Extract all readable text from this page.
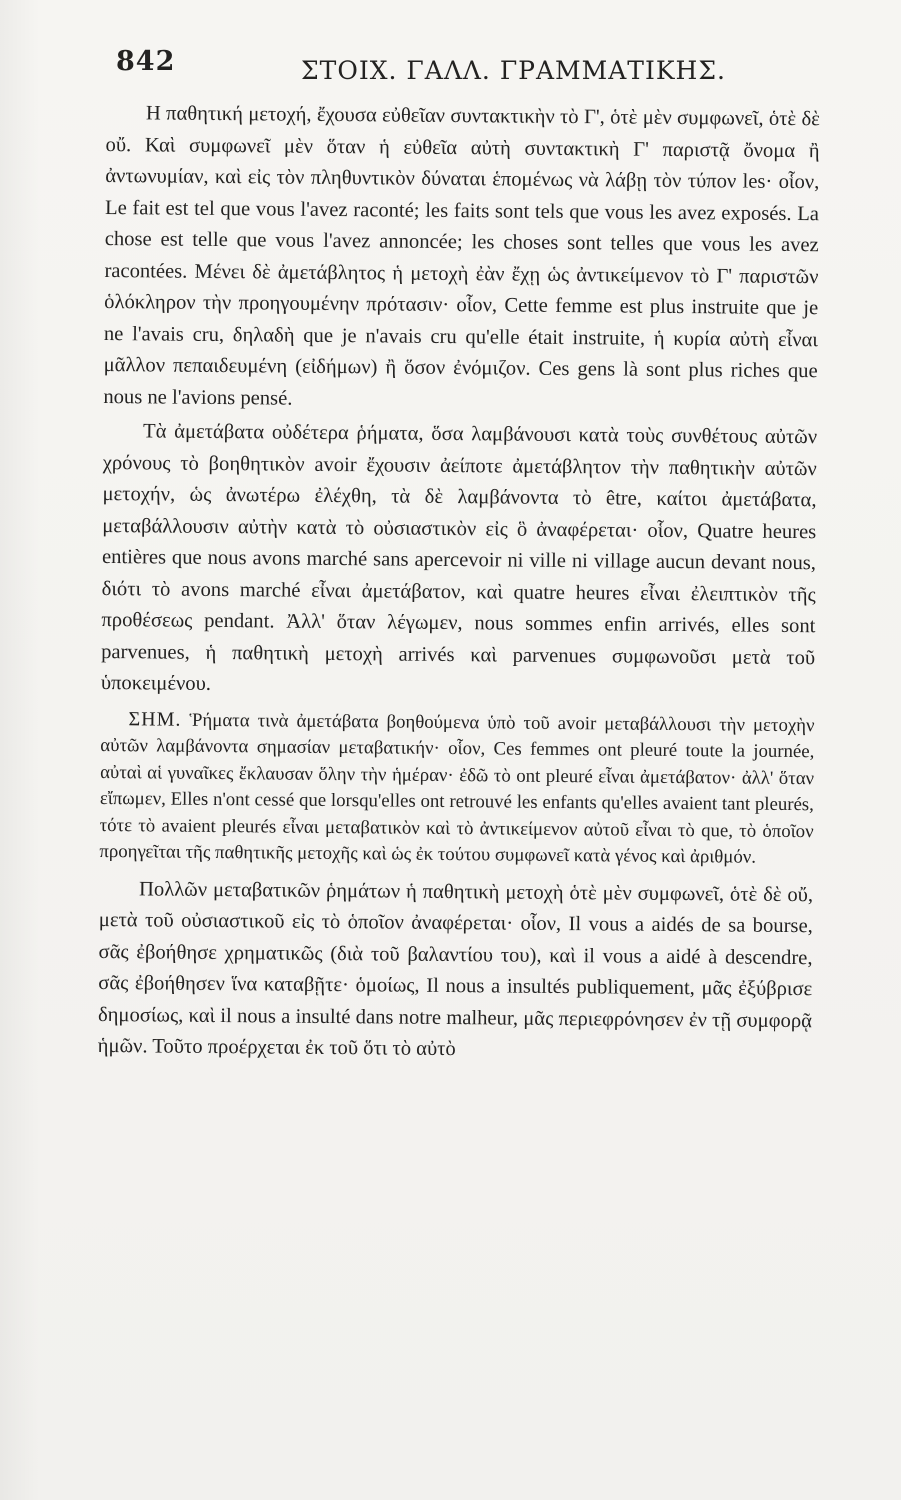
842	ΣΤΟΙΧ. ΓΑΛΛ. ΓΡΑΜΜΑΤΙΚΗΣ.

Η παθητική μετοχή, ἔχουσα εὐθεῖαν συντακτικὴν τὸ Γ', ὁτὲ μὲν συμφωνεῖ, ὁτὲ δὲ οὔ. Καὶ συμφωνεῖ μὲν ὅταν ἡ εὐθεῖα αὐτὴ συντακτικὴ Γ' παριστᾷ ὄνομα ἢ ἀντωνυμίαν, καὶ εἰς τὸν πληθυντικὸν δύναται ἑπομένως νὰ λάβῃ τὸν τύπον les· οἷον, Le fait est tel que vous l'avez raconté; les faits sont tels que vous les avez exposés. La chose est telle que vous l'avez annoncée; les choses sont telles que vous les avez racontées. Μένει δὲ ἀμετάβλητος ἡ μετοχὴ ἐὰν ἔχῃ ὡς ἀντικείμενον τὸ Γ' παριστῶν ὁλόκληρον τὴν προηγουμένην πρότασιν· οἷον, Cette femme est plus instruite que je ne l'avais cru, δηλαδὴ que je n'avais cru qu'elle était instruite, ἡ κυρία αὐτὴ εἶναι μᾶλλον πεπαιδευμένη (εἰδήμων) ἢ ὅσον ἐνόμιζον. Ces gens là sont plus riches que nous ne l'avions pensé.

Τὰ ἀμετάβατα οὐδέτερα ῥήματα, ὅσα λαμβάνουσι κατὰ τοὺς συνθέτους αὐτῶν χρόνους τὸ βοηθητικὸν avoir ἔχουσιν ἀείποτε ἀμετάβλητον τὴν παθητικὴν αὐτῶν μετοχήν, ὡς ἀνωτέρω ἐλέχθη, τὰ δὲ λαμβάνοντα τὸ être, καίτοι ἀμετάβατα, μεταβάλλουσιν αὐτὴν κατὰ τὸ οὐσιαστικὸν εἰς ὃ ἀναφέρεται· οἷον, Quatre heures entières que nous avons marché sans apercevoir ni ville ni village aucun devant nous, διότι τὸ avons marché εἶναι ἀμετάβατον, καὶ quatre heures εἶναι ἐλειπτικὸν τῆς προθέσεως pendant. Ἀλλ' ὅταν λέγωμεν, nous sommes enfin arrivés, elles sont parvenues, ἡ παθητικὴ μετοχὴ arrivés καὶ parvenues συμφωνοῦσι μετὰ τοῦ ὑποκειμένου.

ΣΗΜ. Ῥήματα τινὰ ἀμετάβατα βοηθούμενα ὑπὸ τοῦ avoir μεταβάλλουσι τὴν μετοχὴν αὐτῶν λαμβάνοντα σημασίαν μεταβατικήν· οἷον, Ces femmes ont pleuré toute la journée, αὐταὶ αἱ γυναῖκες ἔκλαυσαν ὅλην τὴν ἡμέραν· ἐδῶ τὸ ont pleuré εἶναι ἀμετάβατον· ἀλλ' ὅταν εἴπωμεν, Elles n'ont cessé que lorsqu'elles ont retrouvé les enfants qu'elles avaient tant pleurés, τότε τὸ avaient pleurés εἶναι μεταβατικὸν καὶ τὸ ἀντικείμενον αὐτοῦ εἶναι τὸ que, τὸ ὁποῖον προηγεῖται τῆς παθητικῆς μετοχῆς καὶ ὡς ἐκ τούτου συμφωνεῖ κατὰ γένος καὶ ἀριθμόν.

Πολλῶν μεταβατικῶν ῥημάτων ἡ παθητικὴ μετοχὴ ὁτὲ μὲν συμφωνεῖ, ὁτὲ δὲ οὔ, μετὰ τοῦ οὐσιαστικοῦ εἰς τὸ ὁποῖον ἀναφέρεται· οἷον, Il vous a aidés de sa bourse, σᾶς ἐβοήθησε χρηματικῶς (διὰ τοῦ βαλαντίου του), καὶ il vous a aidé à descendre, σᾶς ἐβοήθησεν ἵνα καταβῇτε· ὁμοίως, Il nous a insultés publiquement, μᾶς ἐξύβρισε δημοσίως, καὶ il nous a insulté dans notre malheur, μᾶς περιεφρόνησεν ἐν τῇ συμφορᾷ ἡμῶν. Τοῦτο προέρχεται ἐκ τοῦ ὅτι τὸ αὐτὸ
